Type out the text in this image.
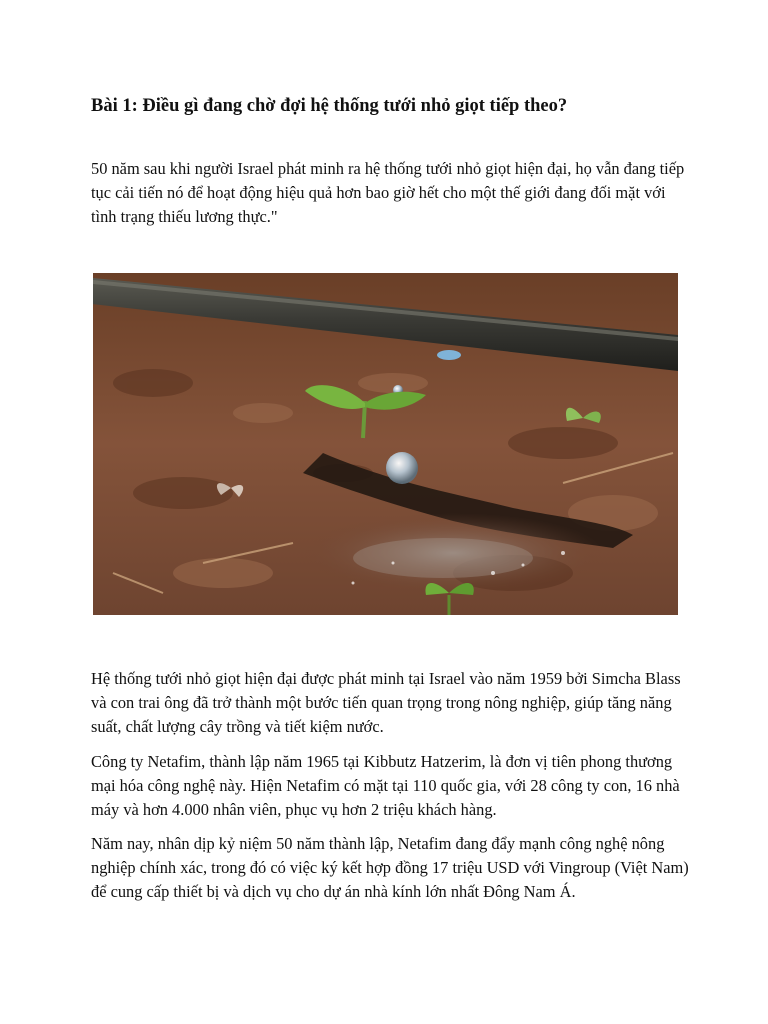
Bài 1: Điều gì đang chờ đợi hệ thống tưới nhỏ giọt tiếp theo?

50 năm sau khi người Israel phát minh ra hệ thống tưới nhỏ giọt hiện đại, họ vẫn đang tiếp tục cải tiến nó để hoạt động hiệu quả hơn bao giờ hết cho một thế giới đang đối mặt với tình trạng thiếu lương thực."

Hệ thống tưới nhỏ giọt hiện đại được phát minh tại Israel vào năm 1959 bởi Simcha Blass và con trai ông đã trở thành một bước tiến quan trọng trong nông nghiệp, giúp tăng năng suất, chất lượng cây trồng và tiết kiệm nước.

Công ty Netafim, thành lập năm 1965 tại Kibbutz Hatzerim, là đơn vị tiên phong thương mại hóa công nghệ này. Hiện Netafim có mặt tại 110 quốc gia, với 28 công ty con, 16 nhà máy và hơn 4.000 nhân viên, phục vụ hơn 2 triệu khách hàng.

Năm nay, nhân dịp kỷ niệm 50 năm thành lập, Netafim đang đẩy mạnh công nghệ nông nghiệp chính xác, trong đó có việc ký kết hợp đồng 17 triệu USD với Vingroup (Việt Nam) để cung cấp thiết bị và dịch vụ cho dự án nhà kính lớn nhất Đông Nam Á.
